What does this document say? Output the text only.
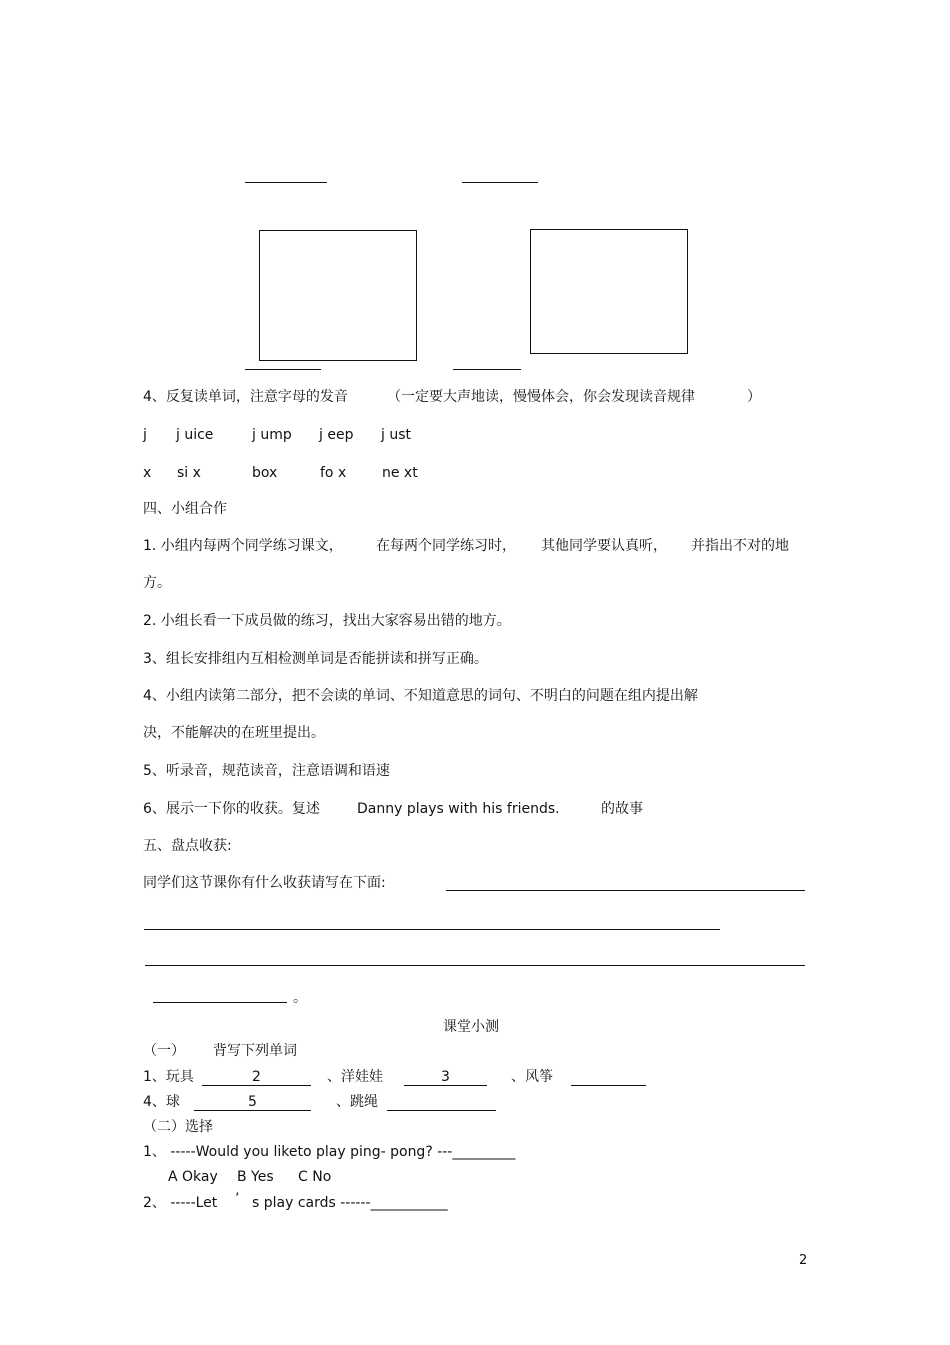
4、反复读单词，注意字母的发音	（一定要大声地读，慢慢体会，你会发现读音规律	）
j j uice	j ump j eep j ust
x si x	box	fo x	ne xt
四、小组合作
1. 小组内每两个同学练习课文， 在每两个同学练习时， 其他同学要认真听， 并指出不对的地
方。
2. 小组长看一下成员做的练习，找出大家容易出错的地方。
3、组长安排组内互相检测单词是否能拼读和拼写正确。
4、小组内读第二部分，把不会读的单词、不知道意思的词句、不明白的问题在组内提出解
决，不能解决的在班里提出。
5、听录音，规范读音，注意语调和语速
6、展示一下你的收获。复述	Danny plays with his friends.	的故事
五、盘点收获:
同学们这节课你有什么收获请写在下面:
。
课堂小测
（一） 背写下列单词
1、玩具	2	、洋娃娃	3	、风筝
4、球	5	、跳绳
（二）选择
1、 -----Would you liketo play ping- pong? ---_________
A Okay B Yes C No
2、 -----Let ’ s play cards ------___________
2
